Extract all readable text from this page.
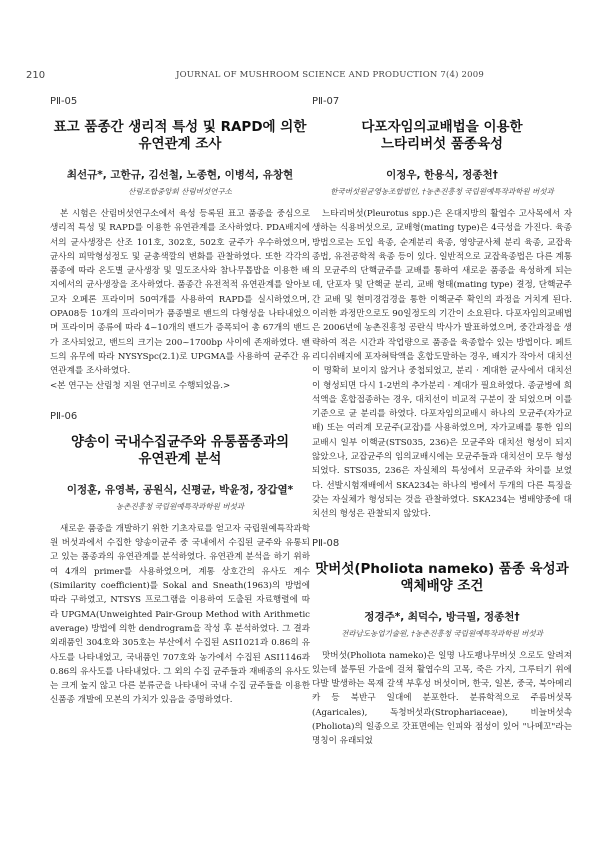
210	JOURNAL OF MUSHROOM SCIENCE AND PRODUCTION 7(4) 2009

PⅡ-05

표고 품종간 생리적 특성 및 RAPD에 의한
유연관계 조사

최선규*, 고한규, 김선철, 노종현, 이병석, 유창현

산림조합중앙회 산림버섯연구소

본 시험은 산림버섯연구소에서 육성 등록된 표고 품종을 중심으로 생리적 특성 및 RAPD를 이용한 유연관계를 조사하였다. PDA배지에서의 균사생장은 산조 101호, 302호, 502호 균주가 우수하였으며, 균사의 피막형성정도 및 균총색깔의 변화를 관찰하였다. 또한 각각의 품종에 따라 온도별 균사생장 및 밀도조사와 참나무톱밥을 이용한 배지에서의 균사생장을 조사하였다. 품종간 유전적적 유연관계를 알아보고자 오페론 프라이머 50여개를 사용하여 RAPD를 실시하였으며, OPA08등 10개의 프라이머가 품종별로 밴드의 다형성을 나타내었으며 프라이머 종류에 따라 4~10개의 밴드가 증폭되어 총 67개의 밴드가 조사되었고, 밴드의 크기는 200~1700bp 사이에 존재하였다. 밴드의 유무에 따라 NYSYSpc(2.1)로 UPGMA를 사용하여 균주간 유연관계를 조사하였다.

<본 연구는 산림청 지원 연구비로 수행되었음.>

PⅡ-06

양송이 국내수집균주와 유통품종과의
유연관계 분석

이정훈, 유영복, 공원식, 신평균, 박윤정, 장갑열*

농촌진흥청 국립원예특작과학원 버섯과

새로운 품종을 개발하기 위한 기초자료를 얻고자 국립원예특작과학원 버섯과에서 수집한 양송이균주 중 국내에서 수집된 균주와 유통되고 있는 품종과의 유연관계를 분석하였다. 유연관계 분석을 하기 위하여 4개의 primer를 사용하였으며, 계통 상호간의 유사도 계수(Similarity coefficient)를 Sokal and Sneath(1963)의 방법에 따라 구하였고, NTSYS 프로그램을 이용하여 도출된 자료행렬에 따라 UPGMA(Unweighted Pair-Group Method with Arithmetic average) 방법에 의한 dendrogram을 작성 후 분석하였다. 그 결과 외래품인 304호와 305호는 부산에서 수집된 ASI1021과 0.86의 유사도를 나타내었고, 국내품인 707호와 농가에서 수집된 ASI1146과 0.86의 유사도를 나타내었다. 그 외의 수집 균주들과 재배종의 유사도는 크게 높지 않고 다른 분류군을 나타내어 국내 수집 균주들을 이용한 신품종 개발에 모본의 가치가 있음을 증명하였다.

PⅡ-07

다포자임의교배법을 이용한
느타리버섯 품종육성

이정우, 한용식, 정종천†

한국버섯원균영농조합법인, †농촌진흥청 국립원예특작과학원 버섯과

느타리버섯(Pleurotus spp.)은 온대지방의 활엽수 고사목에서 자생하는 식용버섯으로, 교배형(mating type)은 4극성을 가진다. 육종방법으로는 도입 육종, 순계분리 육종, 영양균사체 분리 육종, 교잡육종법, 유전공학적 육종 등이 있다. 일반적으로 교잡육종법은 다른 계통의 모균주의 단핵균주를 교배를 통하여 새로운 품종을 육성하게 되는데, 단포자 및 단핵균 분리, 교배 형태(mating type) 결정, 단핵균주간 교배 및 현미경검경을 통한 이핵균주 확인의 과정을 거치게 된다. 이러한 과정만으로도 90일정도의 기간이 소요된다. 다포자임의교배법은 2006년에 농촌진흥청 공란식 박사가 발표하였으며, 중간과정을 생략하여 적은 시간과 작업량으로 품종을 육종할수 있는 방법이다. 페트리디쉬배지에 포자혀탁액을 혼합도말하는 경우, 배지가 작아서 대치선이 명확히 보이지 않거나 중첩되었고, 분리 · 계대한 균사에서 대치선이 형성되면 다시 1-2번의 추가분리 · 계대가 필요하였다. 종균병에 희석액을 혼합접종하는 경우, 대치선이 비교적 구분이 잘 되었으며 이를 기준으로 균 분리를 하였다. 다포자임의교배시 하나의 모균주(자가교배) 또는 여러계 모균주(교잡)를 사용하였으며, 자가교배를 통한 임의교배시 일부 이핵균(STS035, 236)은 모균주와 대치선 형성이 되지 않았으나, 교잡균주의 임의교배시에는 모균주들과 대치선이 모두 형성되었다. STS035, 236은 자실체의 특성에서 모균주와 차이를 보였다. 선발시험재배에서 SKA234는 하나의 병에서 두개의 다른 특징을 갖는 자실체가 형성되는 것을 관찰하였다. SKA234는 병배양중에 대치선의 형성은 관찰되지 않았다.

PⅡ-08

맛버섯(Pholiota nameko) 품종 육성과
액체배양 조건

정경주*, 최덕수, 방극필, 정종천†

전라남도농업기술원, †농촌진흥청 국립원예특작과학원 버섯과

맛버섯(Pholiota nameko)은 일명 나도팽나무버섯 으로도 알려져 있는데 불투된 가을에 걸쳐 활엽수의 고목, 죽은 가지, 그루터기 위에 다발 발생하는 목재 갈색 부후성 버섯이며, 한국, 일본, 중국, 북아메리카 등 북반구 일대에 분포한다. 분류학적으로 주름버섯목(Agaricales), 독청버섯과(Strophariaceae), 비늘버섯속(Pholiota)의 일종으로 갓표면에는 인피와 점성이 있어 "나메꼬"라는 명칭이 유래되었
